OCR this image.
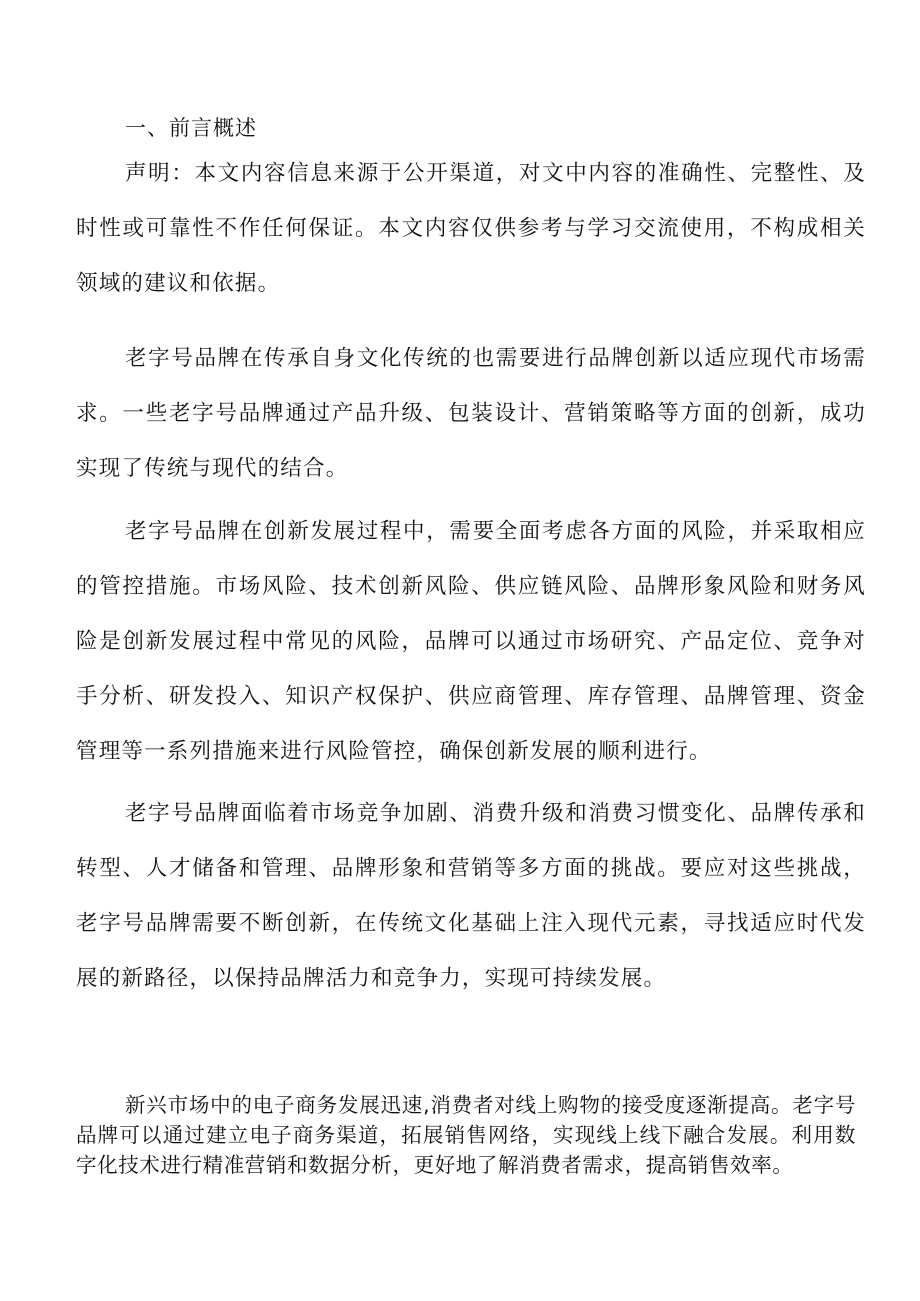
一、前言概述

声明：本文内容信息来源于公开渠道，对文中内容的准确性、完整性、及时性或可靠性不作任何保证。本文内容仅供参考与学习交流使用，不构成相关领域的建议和依据。

老字号品牌在传承自身文化传统的也需要进行品牌创新以适应现代市场需求。一些老字号品牌通过产品升级、包装设计、营销策略等方面的创新，成功实现了传统与现代的结合。

老字号品牌在创新发展过程中，需要全面考虑各方面的风险，并采取相应的管控措施。市场风险、技术创新风险、供应链风险、品牌形象风险和财务风险是创新发展过程中常见的风险，品牌可以通过市场研究、产品定位、竞争对手分析、研发投入、知识产权保护、供应商管理、库存管理、品牌管理、资金管理等一系列措施来进行风险管控，确保创新发展的顺利进行。

老字号品牌面临着市场竞争加剧、消费升级和消费习惯变化、品牌传承和转型、人才储备和管理、品牌形象和营销等多方面的挑战。要应对这些挑战，老字号品牌需要不断创新，在传统文化基础上注入现代元素，寻找适应时代发展的新路径，以保持品牌活力和竞争力，实现可持续发展。

新兴市场中的电子商务发展迅速,消费者对线上购物的接受度逐渐提高。老字号品牌可以通过建立电子商务渠道，拓展销售网络，实现线上线下融合发展。利用数字化技术进行精准营销和数据分析，更好地了解消费者需求，提高销售效率。
